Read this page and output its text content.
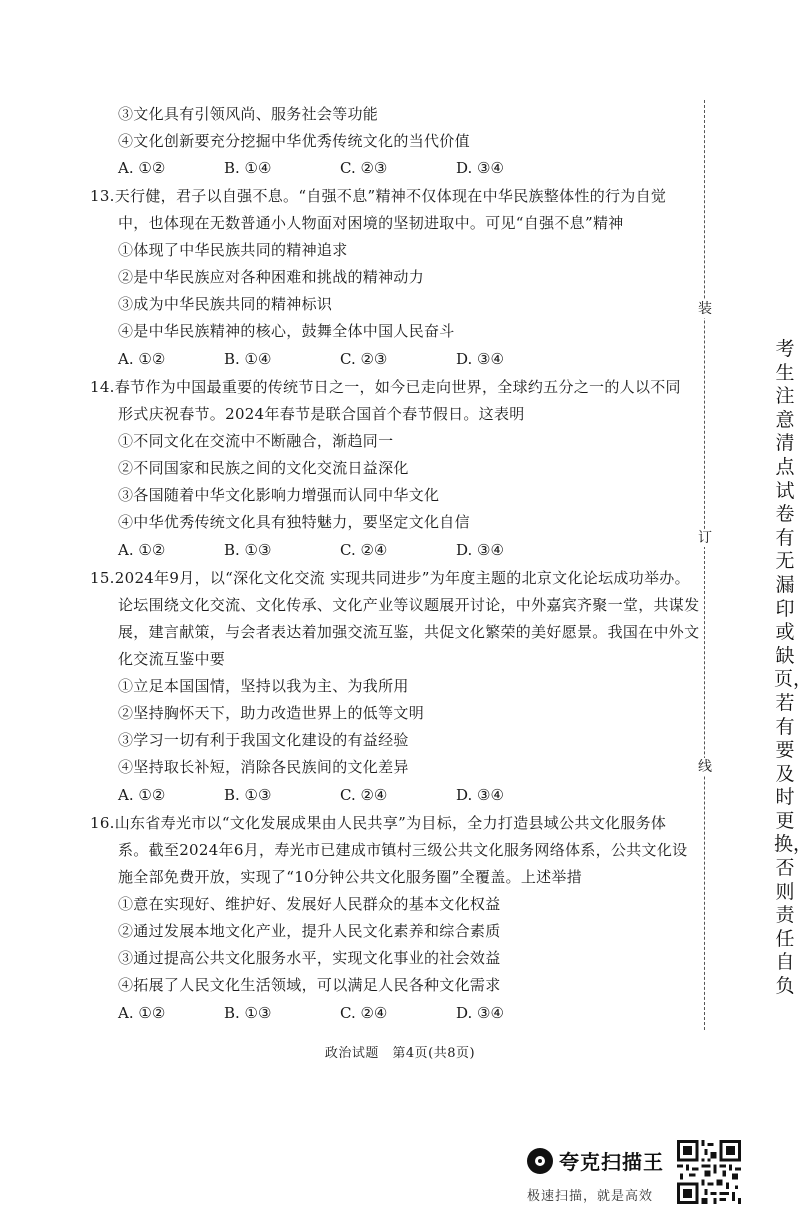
③文化具有引领风尚、服务社会等功能
④文化创新要充分挖掘中华优秀传统文化的当代价值
A. ①②	B. ①④	C. ②③	D. ③④
13.天行健，君子以自强不息。“自强不息”精神不仅体现在中华民族整体性的行为自觉
中，也体现在无数普通小人物面对困境的坚韧进取中。可见“自强不息”精神
①体现了中华民族共同的精神追求
②是中华民族应对各种困难和挑战的精神动力
③成为中华民族共同的精神标识
④是中华民族精神的核心，鼓舞全体中国人民奋斗
A. ①②	B. ①④	C. ②③	D. ③④
14.春节作为中国最重要的传统节日之一，如今已走向世界，全球约五分之一的人以不同
形式庆祝春节。2024年春节是联合国首个春节假日。这表明
①不同文化在交流中不断融合，渐趋同一
②不同国家和民族之间的文化交流日益深化
③各国随着中华文化影响力增强而认同中华文化
④中华优秀传统文化具有独特魅力，要坚定文化自信
A. ①②	B. ①③	C. ②④	D. ③④
15.2024年9月，以“深化文化交流 实现共同进步”为年度主题的北京文化论坛成功举办。
论坛围绕文化交流、文化传承、文化产业等议题展开讨论，中外嘉宾齐聚一堂，共谋发
展，建言献策，与会者表达着加强交流互鉴，共促文化繁荣的美好愿景。我国在中外文
化交流互鉴中要
①立足本国国情，坚持以我为主、为我所用
②坚持胸怀天下，助力改造世界上的低等文明
③学习一切有利于我国文化建设的有益经验
④坚持取长补短，消除各民族间的文化差异
A. ①②	B. ①③	C. ②④	D. ③④
16.山东省寿光市以“文化发展成果由人民共享”为目标，全力打造县域公共文化服务体
系。截至2024年6月，寿光市已建成市镇村三级公共文化服务网络体系，公共文化设
施全部免费开放，实现了“10分钟公共文化服务圈”全覆盖。上述举措
①意在实现好、维护好、发展好人民群众的基本文化权益
②通过发展本地文化产业，提升人民文化素养和综合素质
③通过提高公共文化服务水平，实现文化事业的社会效益
④拓展了人民文化生活领域，可以满足人民各种文化需求
A. ①②	B. ①③	C. ②④	D. ③④
装
订
线
考生注意清点试卷有无漏印或缺页，若有要及时更换，否则责任自负
政治试题　第4页(共8页)
夸克扫描王
极速扫描，就是高效
